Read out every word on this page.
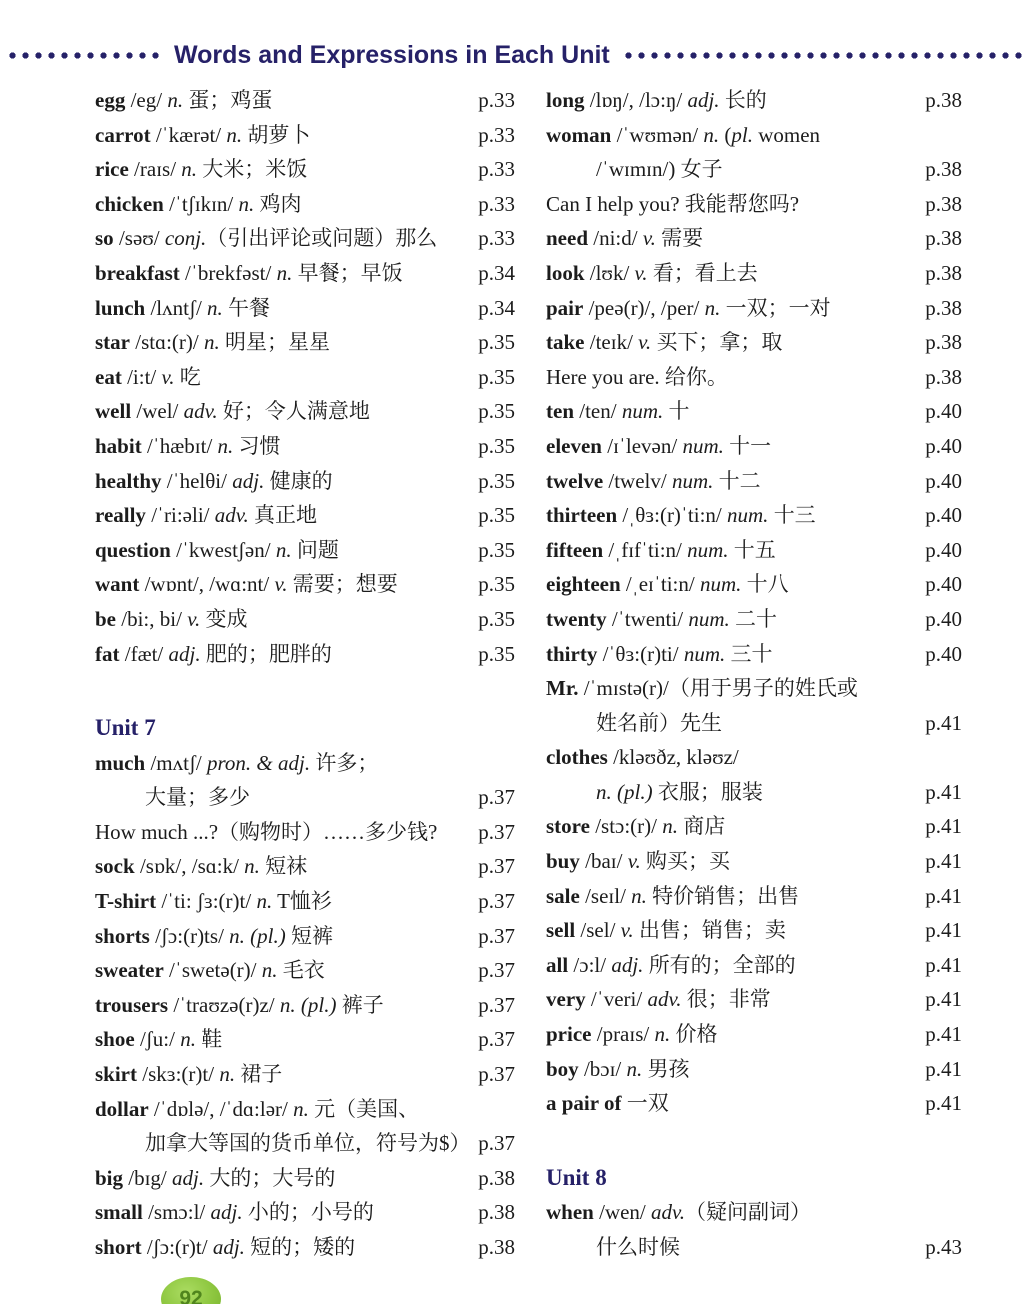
Words and Expressions in Each Unit
egg /eg/ n. 蛋；鸡蛋	p.33
carrot /ˈkærət/ n. 胡萝卜	p.33
rice /raɪs/ n. 大米；米饭	p.33
chicken /ˈtʃɪkɪn/ n. 鸡肉	p.33
so /səʊ/ conj.（引出评论或问题）那么	p.33
breakfast /ˈbrekfəst/ n. 早餐；早饭	p.34
lunch /lʌntʃ/ n. 午餐	p.34
star /stɑ:(r)/ n. 明星；星星	p.35
eat /i:t/ v. 吃	p.35
well /wel/ adv. 好；令人满意地	p.35
habit /ˈhæbɪt/ n. 习惯	p.35
healthy /ˈhelθi/ adj. 健康的	p.35
really /ˈri:əli/ adv. 真正地	p.35
question /ˈkwestʃən/ n. 问题	p.35
want /wɒnt/, /wɑ:nt/ v. 需要；想要	p.35
be /bi:, bi/ v. 变成	p.35
fat /fæt/ adj. 肥的；肥胖的	p.35
Unit 7
much /mʌtʃ/ pron. & adj. 许多；
大量；多少	p.37
How much ...?（购物时）……多少钱?	p.37
sock /sɒk/, /sɑ:k/ n. 短袜	p.37
T-shirt /ˈti: ʃɜ:(r)t/ n. T恤衫	p.37
shorts /ʃɔ:(r)ts/ n. (pl.) 短裤	p.37
sweater /ˈswetə(r)/ n. 毛衣	p.37
trousers /ˈtraʊzə(r)z/ n. (pl.) 裤子	p.37
shoe /ʃu:/ n. 鞋	p.37
skirt /skɜ:(r)t/ n. 裙子	p.37
dollar /ˈdɒlə/, /ˈdɑ:lər/ n. 元（美国、
加拿大等国的货币单位，符号为$） p.37
big /bɪg/ adj. 大的；大号的	p.38
small /smɔ:l/ adj. 小的；小号的	p.38
short /ʃɔ:(r)t/ adj. 短的；矮的	p.38
long /lɒŋ/, /lɔ:ŋ/ adj. 长的	p.38
woman /ˈwʊmən/ n. (pl. women
/ˈwɪmɪn/) 女子	p.38
Can I help you? 我能帮您吗?	p.38
need /ni:d/ v. 需要	p.38
look /lʊk/ v. 看；看上去	p.38
pair /peə(r)/, /per/ n. 一双；一对	p.38
take /teɪk/ v. 买下；拿；取	p.38
Here you are. 给你。	p.38
ten /ten/ num. 十	p.40
eleven /ɪˈlevən/ num. 十一	p.40
twelve /twelv/ num. 十二	p.40
thirteen /ˌθɜ:(r)ˈti:n/ num. 十三	p.40
fifteen /ˌfɪfˈti:n/ num. 十五	p.40
eighteen /ˌeɪˈti:n/ num. 十八	p.40
twenty /ˈtwenti/ num. 二十	p.40
thirty /ˈθɜ:(r)ti/ num. 三十	p.40
Mr. /ˈmɪstə(r)/（用于男子的姓氏或
姓名前）先生	p.41
clothes /kləʊðz, kləʊz/
n. (pl.) 衣服；服装	p.41
store /stɔ:(r)/ n. 商店	p.41
buy /baɪ/ v. 购买；买	p.41
sale /seɪl/ n. 特价销售；出售	p.41
sell /sel/ v. 出售；销售；卖	p.41
all /ɔ:l/ adj. 所有的；全部的	p.41
very /ˈveri/ adv. 很；非常	p.41
price /praɪs/ n. 价格	p.41
boy /bɔɪ/ n. 男孩	p.41
a pair of 一双	p.41
Unit 8
when /wen/ adv.（疑问副词）
什么时候	p.43
92
